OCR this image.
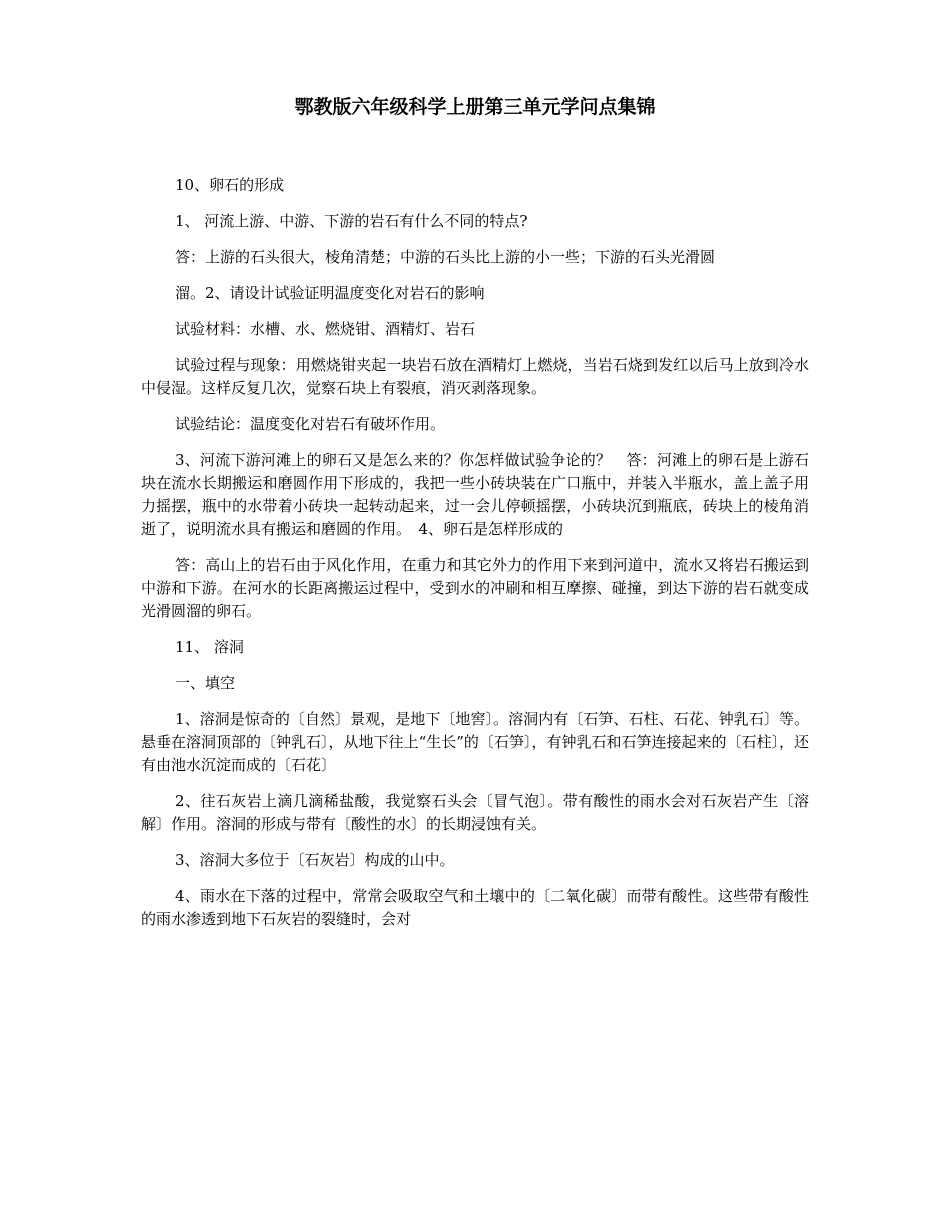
鄂教版六年级科学上册第三单元学问点集锦

10、卵石的形成

1、 河流上游、中游、下游的岩石有什么不同的特点?

答：上游的石头很大，棱角清楚；中游的石头比上游的小一些；下游的石头光滑圆

溜。2、请设计试验证明温度变化对岩石的影响

试验材料：水槽、水、燃烧钳、酒精灯、岩石

试验过程与现象：用燃烧钳夹起一块岩石放在酒精灯上燃烧，当岩石烧到发红以后马上放到冷水中侵湿。这样反复几次，觉察石块上有裂痕，消灭剥落现象。

试验结论：温度变化对岩石有破坏作用。

3、河流下游河滩上的卵石又是怎么来的？你怎样做试验争论的？　答：河滩上的卵石是上游石块在流水长期搬运和磨圆作用下形成的，我把一些小砖块装在广口瓶中，并装入半瓶水，盖上盖子用力摇摆，瓶中的水带着小砖块一起转动起来，过一会儿停顿摇摆，小砖块沉到瓶底，砖块上的棱角消逝了，说明流水具有搬运和磨圆的作用。　4、卵石是怎样形成的

答：高山上的岩石由于风化作用，在重力和其它外力的作用下来到河道中，流水又将岩石搬运到中游和下游。在河水的长距离搬运过程中，受到水的冲刷和相互摩擦、碰撞，到达下游的岩石就变成光滑圆溜的卵石。

11、 溶洞

一、填空

1、溶洞是惊奇的〔自然〕景观，是地下〔地窖〕。溶洞内有〔石笋、石柱、石花、钟乳石〕等。悬垂在溶洞顶部的〔钟乳石〕，从地下往上“生长”的〔石笋〕，有钟乳石和石笋连接起来的〔石柱〕，还有由池水沉淀而成的〔石花〕

2、往石灰岩上滴几滴稀盐酸，我觉察石头会〔冒气泡〕。带有酸性的雨水会对石灰岩产生〔溶解〕作用。溶洞的形成与带有〔酸性的水〕的长期浸蚀有关。

3、溶洞大多位于〔石灰岩〕构成的山中。

4、雨水在下落的过程中，常常会吸取空气和土壤中的〔二氧化碳〕而带有酸性。这些带有酸性的雨水渗透到地下石灰岩的裂缝时，会对
